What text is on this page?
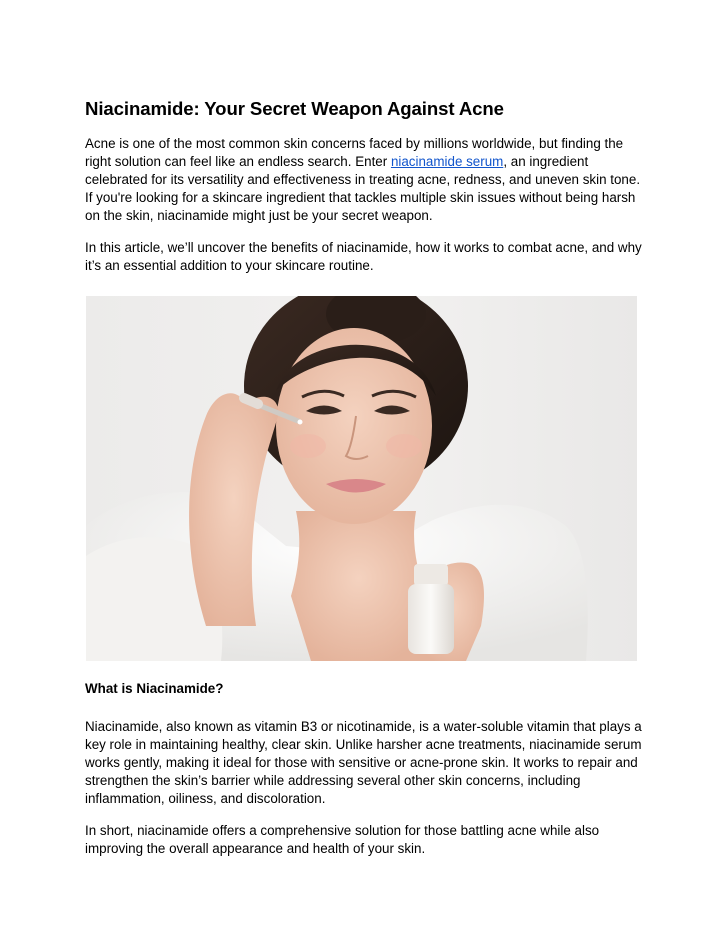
Niacinamide: Your Secret Weapon Against Acne

Acne is one of the most common skin concerns faced by millions worldwide, but finding the right solution can feel like an endless search. Enter niacinamide serum, an ingredient celebrated for its versatility and effectiveness in treating acne, redness, and uneven skin tone. If you're looking for a skincare ingredient that tackles multiple skin issues without being harsh on the skin, niacinamide might just be your secret weapon.

In this article, we’ll uncover the benefits of niacinamide, how it works to combat acne, and why it’s an essential addition to your skincare routine.

What is Niacinamide?

Niacinamide, also known as vitamin B3 or nicotinamide, is a water-soluble vitamin that plays a key role in maintaining healthy, clear skin. Unlike harsher acne treatments, niacinamide serum works gently, making it ideal for those with sensitive or acne-prone skin. It works to repair and strengthen the skin’s barrier while addressing several other skin concerns, including inflammation, oiliness, and discoloration.

In short, niacinamide offers a comprehensive solution for those battling acne while also improving the overall appearance and health of your skin.
